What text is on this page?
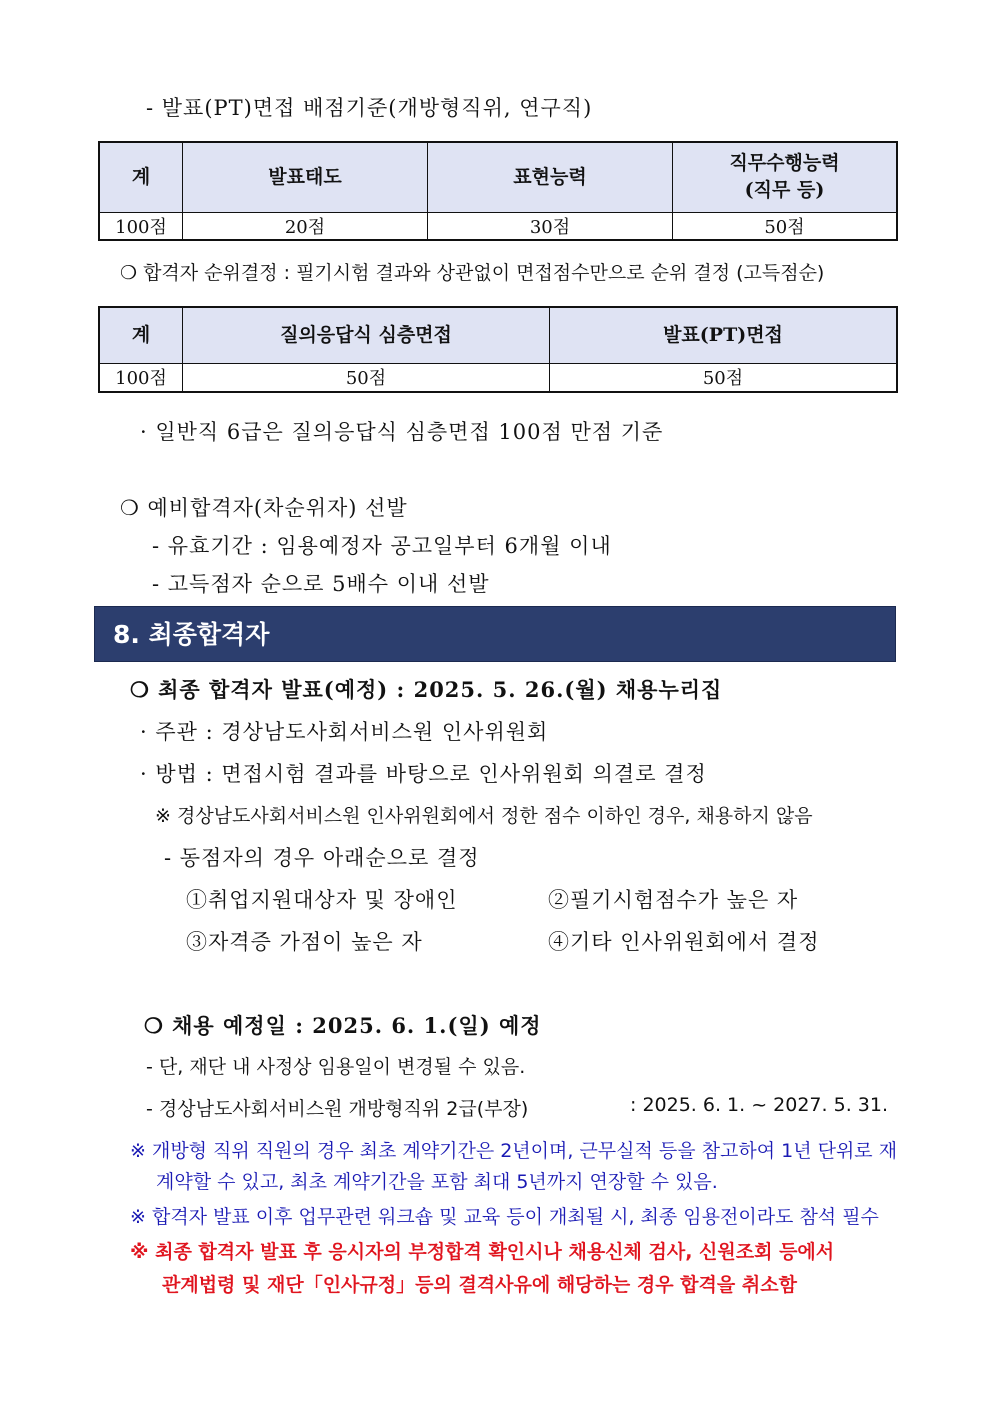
- 발표(PT)면접 배점기준(개방형직위, 연구직)
계	발표태도	표현능력	직무수행능력
(직무 등)

100점	20점	30점	50점
❍ 합격자 순위결정 : 필기시험 결과와 상관없이 면접점수만으로 순위 결정 (고득점순)
계	질의응답식 심층면접	발표(PT)면접
100점	50점	50점
· 일반직 6급은 질의응답식 심층면접 100점 만점 기준
❍ 예비합격자(차순위자) 선발
- 유효기간 : 임용예정자 공고일부터 6개월 이내
- 고득점자 순으로 5배수 이내 선발
8. 최종합격자
❍ 최종 합격자 발표(예정) : 2025. 5. 26.(월) 채용누리집
· 주관 : 경상남도사회서비스원 인사위원회
· 방법 : 면접시험 결과를 바탕으로 인사위원회 의결로 결정
※ 경상남도사회서비스원 인사위원회에서 정한 점수 이하인 경우, 채용하지 않음
- 동점자의 경우 아래순으로 결정
①취업지원대상자 및 장애인	②필기시험점수가 높은 자
③자격증 가점이 높은 자	④기타 인사위원회에서 결정
❍ 채용 예정일 : 2025. 6. 1.(일) 예정
- 단, 재단 내 사정상 임용일이 변경될 수 있음.
- 경상남도사회서비스원 개방형직위 2급(부장)	: 2025. 6. 1. ~ 2027. 5. 31.
※ 개방형 직위 직원의 경우 최초 계약기간은 2년이며, 근무실적 등을 참고하여 1년 단위로 재
계약할 수 있고, 최초 계약기간을 포함 최대 5년까지 연장할 수 있음.
※ 합격자 발표 이후 업무관련 워크숍 및 교육 등이 개최될 시, 최종 임용전이라도 참석 필수
※ 최종 합격자 발표 후 응시자의 부정합격 확인시나 채용신체 검사, 신원조회 등에서
관계법령 및 재단「인사규정」등의 결격사유에 해당하는 경우 합격을 취소함
